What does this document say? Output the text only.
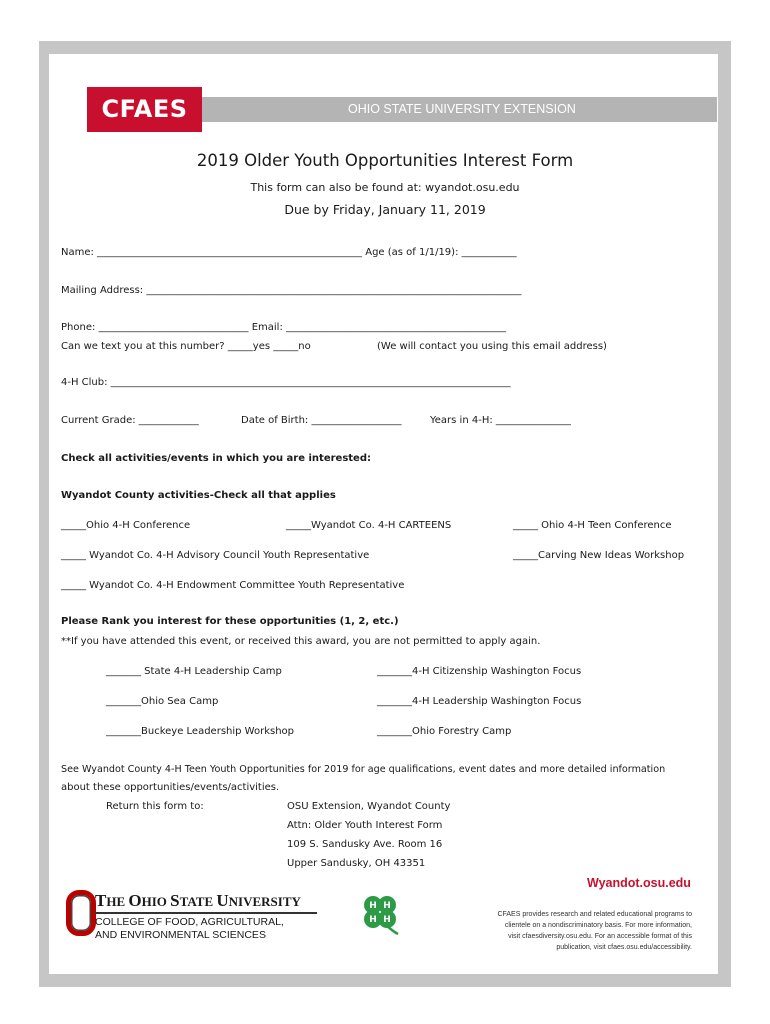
OHIO STATE UNIVERSITY EXTENSION
CFAES
2019 Older Youth Opportunities Interest Form
This form can also be found at: wyandot.osu.edu
Due by Friday, January 11, 2019
Name: _____________________________________________________ Age (as of 1/1/19): ___________
Mailing Address: ___________________________________________________________________________
Phone: ______________________________ Email: ____________________________________________
Can we text you at this number? _____yes _____no	(We will contact you using this email address)
4-H Club: ________________________________________________________________________________
Current Grade: ____________	Date of Birth: __________________	Years in 4-H: _______________
Check all activities/events in which you are interested:
Wyandot County activities-Check all that applies
_____Ohio 4-H Conference	_____Wyandot Co. 4-H CARTEENS	_____ Ohio 4-H Teen Conference
_____ Wyandot Co. 4-H Advisory Council Youth Representative	_____Carving New Ideas Workshop
_____ Wyandot Co. 4-H Endowment Committee Youth Representative
Please Rank you interest for these opportunities (1, 2, etc.)
**If you have attended this event, or received this award, you are not permitted to apply again.
_______ State 4-H Leadership Camp	_______4-H Citizenship Washington Focus
_______Ohio Sea Camp	_______4-H Leadership Washington Focus
_______Buckeye Leadership Workshop	_______Ohio Forestry Camp
See Wyandot County 4-H Teen Youth Opportunities for 2019 for age qualifications, event dates and more detailed information
about these opportunities/events/activities.
Return this form to:	OSU Extension, Wyandot County
Attn: Older Youth Interest Form
109 S. Sandusky Ave. Room 16
Upper Sandusky, OH 43351
THE OHIO STATE UNIVERSITY
COLLEGE OF FOOD, AGRICULTURAL,
AND ENVIRONMENTAL SCIENCES
H H
H H
Wyandot.osu.edu
CFAES provides research and related educational programs to
clientele on a nondiscriminatory basis. For more information,
visit cfaesdiversity.osu.edu. For an accessible format of this
publication, visit cfaes.osu.edu/accessibility.
